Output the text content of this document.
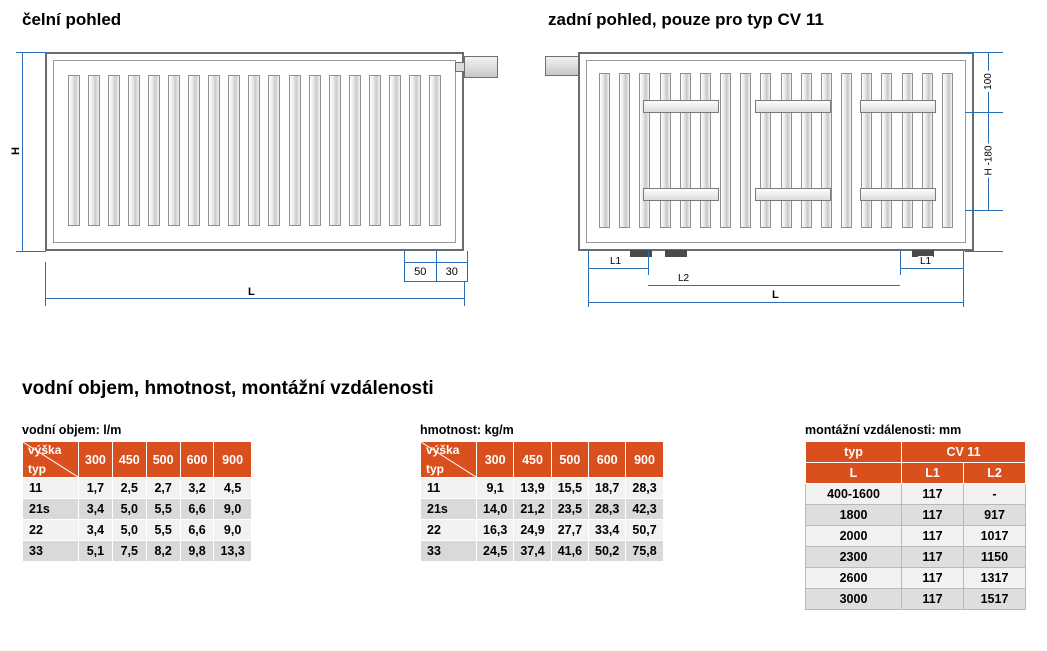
čelní pohled	zadní pohled, pouze pro typ CV 11
H
50	30
L
100
H -180
L1	L1
L2
L
vodní objem, hmotnost, montážní vzdálenosti
vodní objem: l/m
výška
typ	300	450	500	600	900
11	1,7	2,5	2,7	3,2	4,5
21s	3,4	5,0	5,5	6,6	9,0
22	3,4	5,0	5,5	6,6	9,0
33	5,1	7,5	8,2	9,8	13,3
hmotnost: kg/m
výška
typ	300	450	500	600	900
11	9,1	13,9	15,5	18,7	28,3
21s	14,0	21,2	23,5	28,3	42,3
22	16,3	24,9	27,7	33,4	50,7
33	24,5	37,4	41,6	50,2	75,8
montážní vzdálenosti: mm
typ	CV 11	
L	L1	L2
400-1600	117	-
1800	117	917
2000	117	1017
2300	117	1150
2600	117	1317
3000	117	1517
